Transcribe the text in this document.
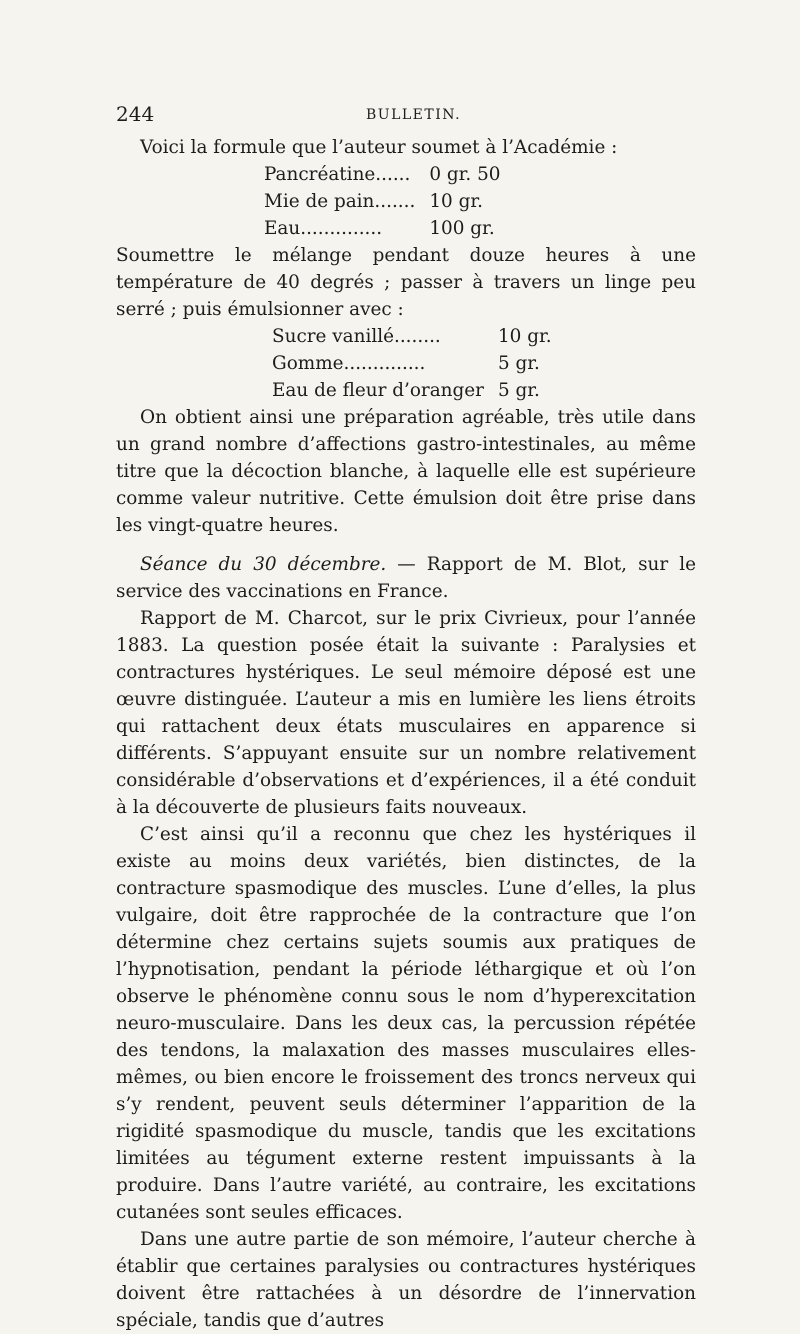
244	BULLETIN.

Voici la formule que l’auteur soumet à l’Académie :

Pancréatine......	0 gr. 50
Mie de pain.......	10 gr.
Eau..............	100 gr.

Soumettre le mélange pendant douze heures à une température de 40 degrés ; passer à travers un linge peu serré ; puis émulsionner avec :

Sucre vanillé........	10 gr.
Gomme..............	5 gr.
Eau de fleur d’oranger	5 gr.

On obtient ainsi une préparation agréable, très utile dans un grand nombre d’affections gastro-intestinales, au même titre que la décoction blanche, à laquelle elle est supérieure comme valeur nutritive. Cette émulsion doit être prise dans les vingt-quatre heures.

Séance du 30 décembre. — Rapport de M. Blot, sur le service des vaccinations en France.

Rapport de M. Charcot, sur le prix Civrieux, pour l’année 1883. La question posée était la suivante : Paralysies et contractures hystériques. Le seul mémoire déposé est une œuvre distinguée. L’auteur a mis en lumière les liens étroits qui rattachent deux états musculaires en apparence si différents. S’appuyant ensuite sur un nombre relativement considérable d’observations et d’expériences, il a été conduit à la découverte de plusieurs faits nouveaux.

C’est ainsi qu’il a reconnu que chez les hystériques il existe au moins deux variétés, bien distinctes, de la contracture spasmodique des muscles. L’une d’elles, la plus vulgaire, doit être rapprochée de la contracture que l’on détermine chez certains sujets soumis aux pratiques de l’hypnotisation, pendant la période léthargique et où l’on observe le phénomène connu sous le nom d’hyperexcitation neuro-musculaire. Dans les deux cas, la percussion répétée des tendons, la malaxation des masses musculaires elles-mêmes, ou bien encore le froissement des troncs nerveux qui s’y rendent, peuvent seuls déterminer l’apparition de la rigidité spasmodique du muscle, tandis que les excitations limitées au tégument externe restent impuissants à la produire. Dans l’autre variété, au contraire, les excitations cutanées sont seules efficaces.

Dans une autre partie de son mémoire, l’auteur cherche à établir que certaines paralysies ou contractures hystériques doivent être rattachées à un désordre de l’innervation spéciale, tandis que d’autres
